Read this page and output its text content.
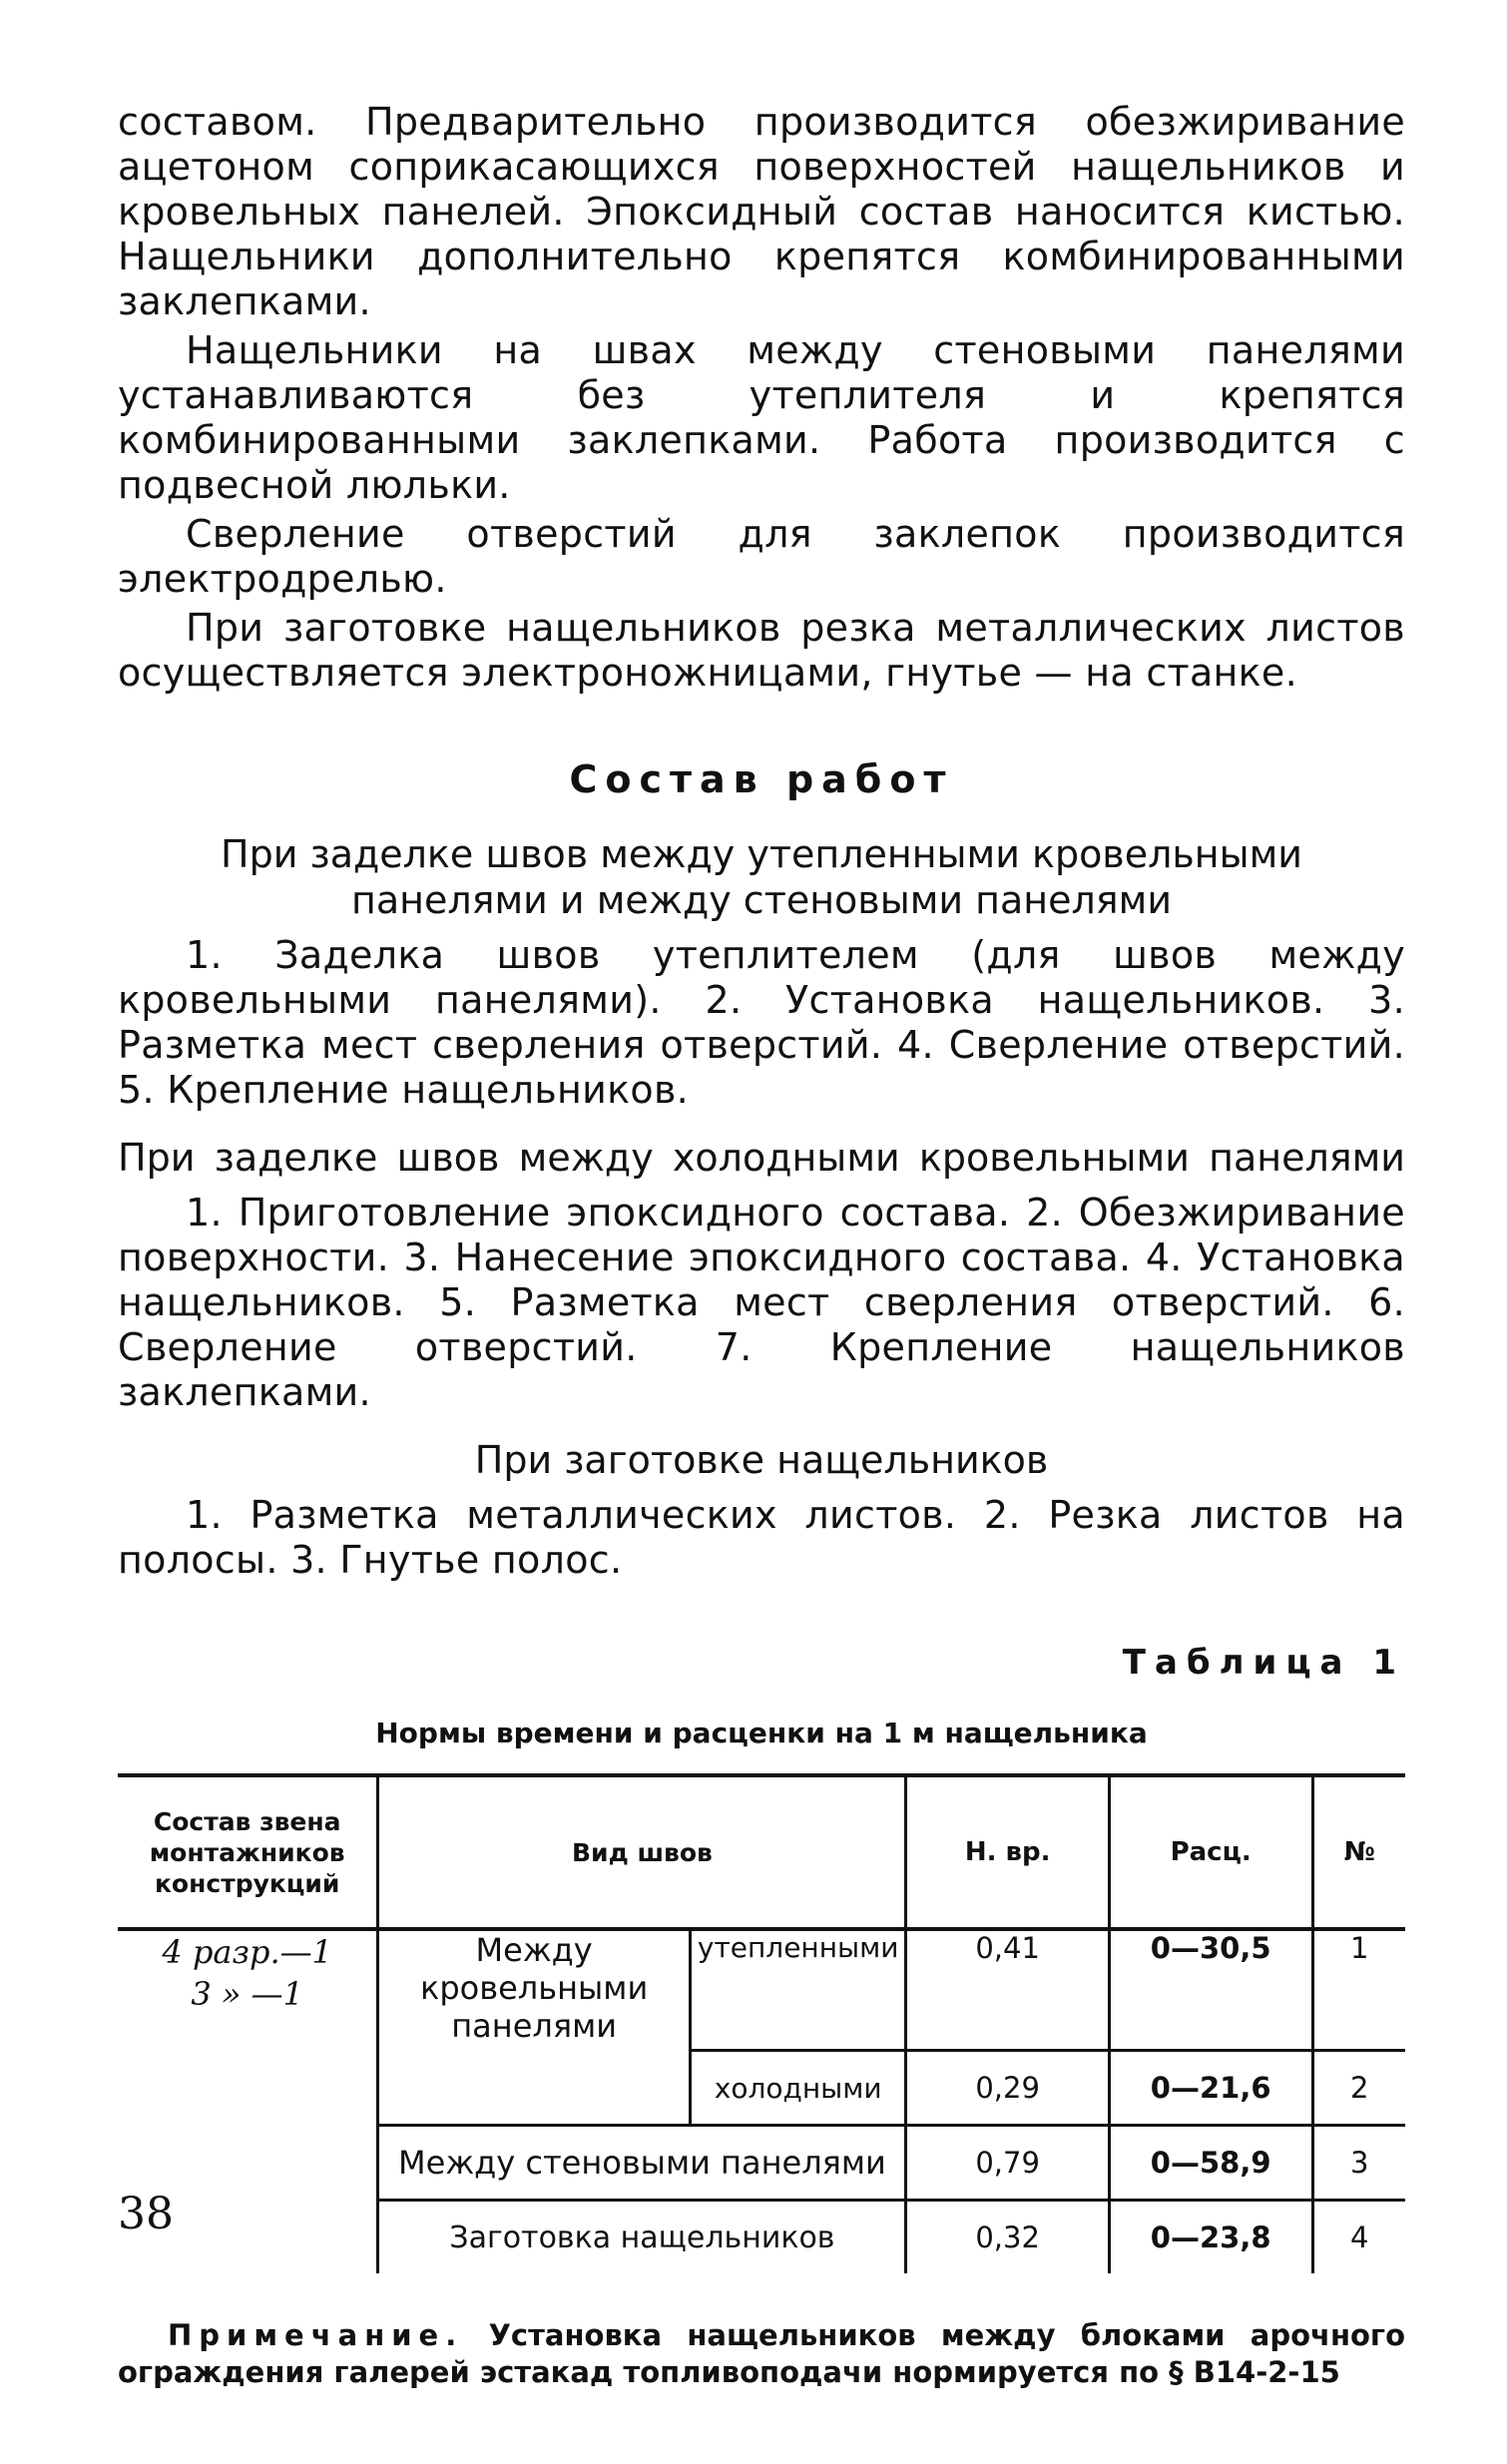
составом. Предварительно производится обезжиривание ацетоном соприкасающихся поверхностей нащельников и кровельных панелей. Эпоксидный состав наносится кистью. Нащельники дополнительно крепятся комбинированными заклепками.

Нащельники на швах между стеновыми панелями устанавливаются без утеплителя и крепятся комбинированными заклепками. Работа производится с подвесной люльки.

Сверление отверстий для заклепок производится электродрелью.

При заготовке нащельников резка металлических листов осуществляется электроножницами, гнутье — на станке.

Состав работ
При заделке швов между утепленными кровельными панелями и между стеновыми панелями

1. Заделка швов утеплителем (для швов между кровельными панелями). 2. Установка нащельников. 3. Разметка мест сверления отверстий. 4. Сверление отверстий. 5. Крепление нащельников.

При заделке швов между холодными кровельными панелями

1. Приготовление эпоксидного состава. 2. Обезжиривание поверхности. 3. Нанесение эпоксидного состава. 4. Установка нащельников. 5. Разметка мест сверления отверстий. 6. Сверление отверстий. 7. Крепление нащельников заклепками.

При заготовке нащельников

1. Разметка металлических листов. 2. Резка листов на полосы. 3. Гнутье полос.

Таблица 1
Нормы времени и расценки на 1 м нащельника
Состав звена монтажников конструкций	Вид швов		Н. вр.	Расц.	№

4 разр.—1
3 » —1	Между кровельными панелями	утепленными	0,41	0—30,5	1
		холодными	0,29	0—21,6	2
	Между стеновыми панелями		0,79	0—58,9	3
	Заготовка нащельников		0,32	0—23,8	4
Примечание. Установка нащельников между блоками арочного ограждения галерей эстакад топливоподачи нормируется по § В14-2-15
38
